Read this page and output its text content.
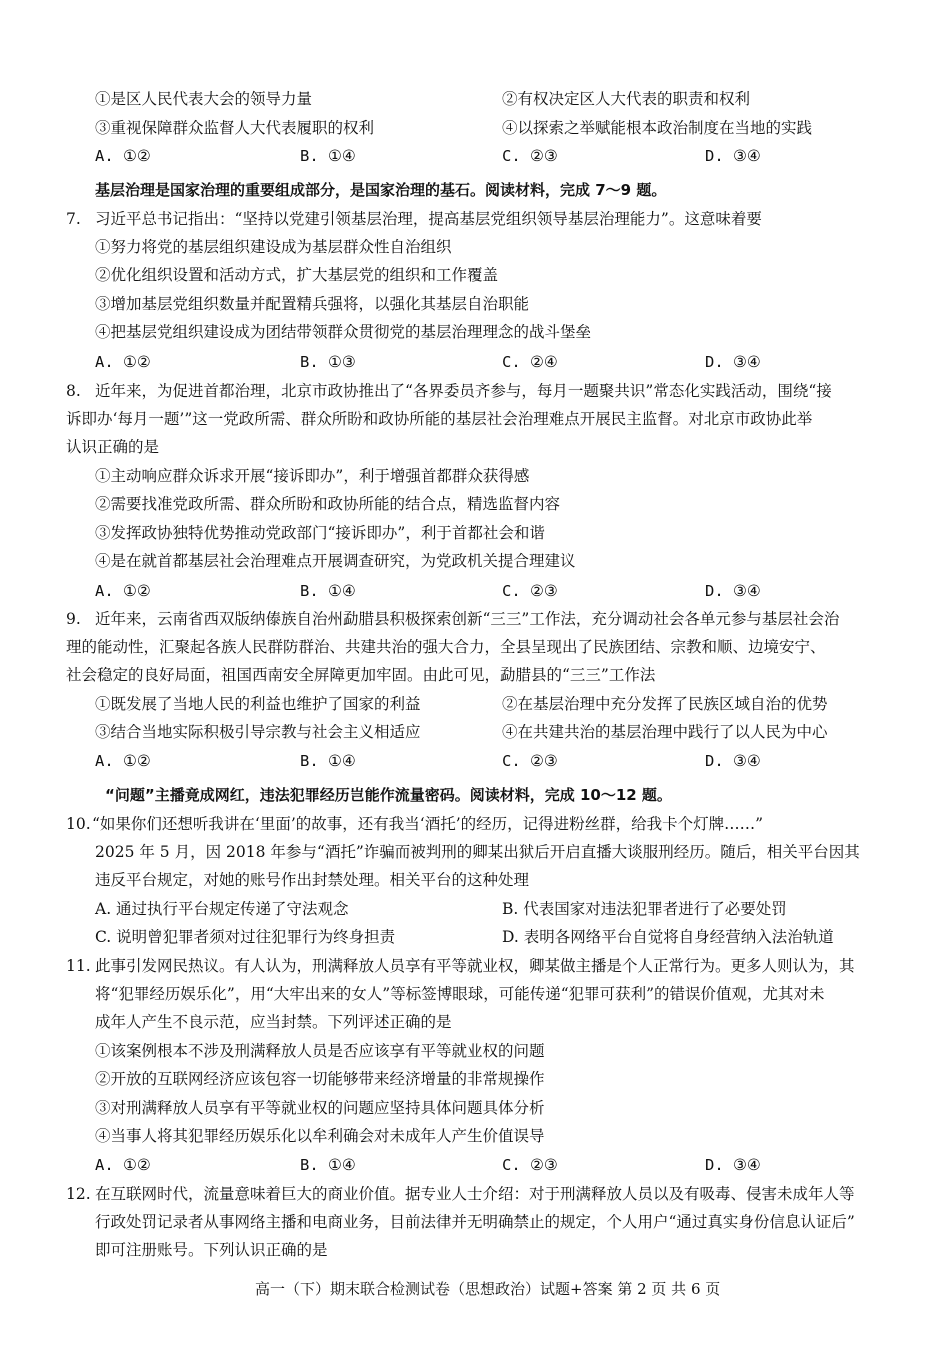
①是区人民代表大会的领导力量	②有权决定区人大代表的职责和权利
③重视保障群众监督人大代表履职的权利	④以探索之举赋能根本政治制度在当地的实践
A. ①②	B. ①④	C. ②③	D. ③④
基层治理是国家治理的重要组成部分，是国家治理的基石。阅读材料，完成 7～9 题。
7. 习近平总书记指出：“坚持以党建引领基层治理，提高基层党组织领导基层治理能力”。这意味着要
①努力将党的基层组织建设成为基层群众性自治组织
②优化组织设置和活动方式，扩大基层党的组织和工作覆盖
③增加基层党组织数量并配置精兵强将，以强化其基层自治职能
④把基层党组织建设成为团结带领群众贯彻党的基层治理理念的战斗堡垒
A. ①②	B. ①③	C. ②④	D. ③④
8. 近年来，为促进首都治理，北京市政协推出了“各界委员齐参与，每月一题聚共识”常态化实践活动，围绕“接
诉即办‘每月一题’”这一党政所需、群众所盼和政协所能的基层社会治理难点开展民主监督。对北京市政协此举
认识正确的是
①主动响应群众诉求开展“接诉即办”，利于增强首都群众获得感
②需要找准党政所需、群众所盼和政协所能的结合点，精选监督内容
③发挥政协独特优势推动党政部门“接诉即办”，利于首都社会和谐
④是在就首都基层社会治理难点开展调查研究，为党政机关提合理建议
A. ①②	B. ①④	C. ②③	D. ③④
9. 近年来，云南省西双版纳傣族自治州勐腊县积极探索创新“三三”工作法，充分调动社会各单元参与基层社会治
理的能动性，汇聚起各族人民群防群治、共建共治的强大合力，全县呈现出了民族团结、宗教和顺、边境安宁、
社会稳定的良好局面，祖国西南安全屏障更加牢固。由此可见，勐腊县的“三三”工作法
①既发展了当地人民的利益也维护了国家的利益	②在基层治理中充分发挥了民族区域自治的优势
③结合当地实际积极引导宗教与社会主义相适应	④在共建共治的基层治理中践行了以人民为中心
A. ①②	B. ①④	C. ②③	D. ③④
“问题”主播竟成网红，违法犯罪经历岂能作流量密码。阅读材料，完成 10～12 题。
10. “如果你们还想听我讲在‘里面’的故事，还有我当‘酒托’的经历，记得进粉丝群，给我卡个灯牌……”
2025 年 5 月，因 2018 年参与“酒托”诈骗而被判刑的卿某出狱后开启直播大谈服刑经历。随后，相关平台因其
违反平台规定，对她的账号作出封禁处理。相关平台的这种处理
A. 通过执行平台规定传递了守法观念	B. 代表国家对违法犯罪者进行了必要处罚
C. 说明曾犯罪者须对过往犯罪行为终身担责	D. 表明各网络平台自觉将自身经营纳入法治轨道
11. 此事引发网民热议。有人认为，刑满释放人员享有平等就业权，卿某做主播是个人正常行为。更多人则认为，其
将“犯罪经历娱乐化”，用“大牢出来的女人”等标签博眼球，可能传递“犯罪可获利”的错误价值观，尤其对未
成年人产生不良示范，应当封禁。下列评述正确的是
①该案例根本不涉及刑满释放人员是否应该享有平等就业权的问题
②开放的互联网经济应该包容一切能够带来经济增量的非常规操作
③对刑满释放人员享有平等就业权的问题应坚持具体问题具体分析
④当事人将其犯罪经历娱乐化以牟利确会对未成年人产生价值误导
A. ①②	B. ①④	C. ②③	D. ③④
12. 在互联网时代，流量意味着巨大的商业价值。据专业人士介绍：对于刑满释放人员以及有吸毒、侵害未成年人等
行政处罚记录者从事网络主播和电商业务，目前法律并无明确禁止的规定，个人用户“通过真实身份信息认证后”
即可注册账号。下列认识正确的是
高一（下）期末联合检测试卷（思想政治）试题+答案 第 2 页 共 6 页
